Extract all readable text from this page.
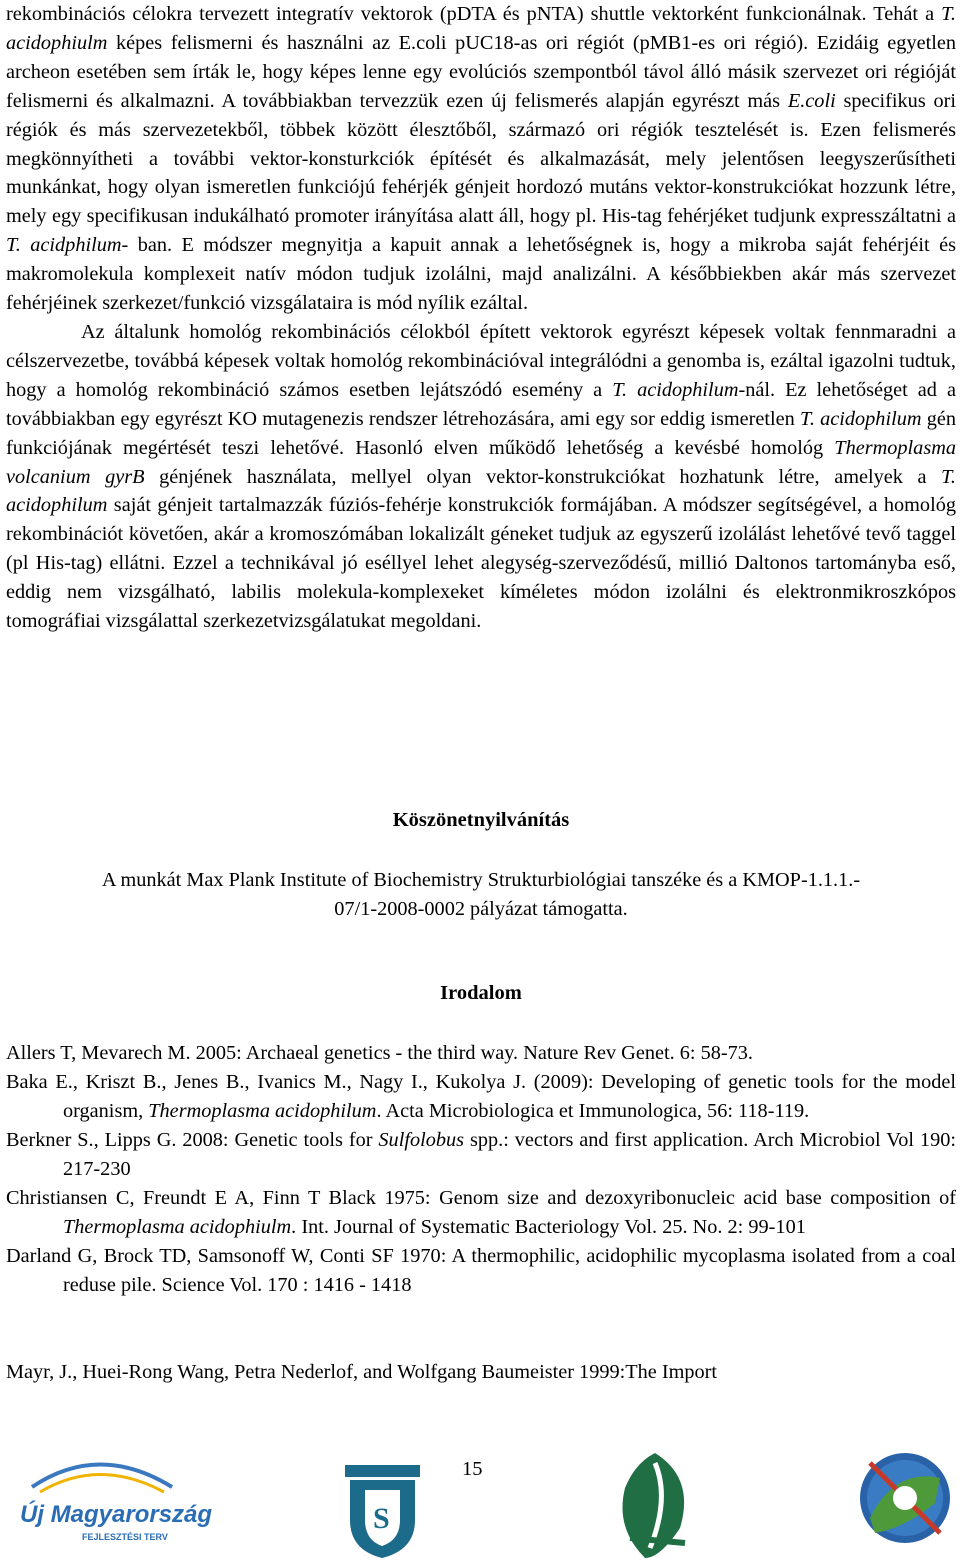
rekombinációs célokra tervezett integratív vektorok (pDTA és pNTA) shuttle vektorként funkcionálnak. Tehát a T. acidophiulm képes felismerni és használni az E.coli pUC18-as ori régiót (pMB1-es ori régió). Ezidáig egyetlen archeon esetében sem írták le, hogy képes lenne egy evolúciós szempontból távol álló másik szervezet ori régióját felismerni és alkalmazni. A továbbiakban tervezzük ezen új felismerés alapján egyrészt más E.coli specifikus ori régiók és más szervezetekből, többek között élesztőből, származó ori régiók tesztelését is. Ezen felismerés megkönnyítheti a további vektor-konsturkciók építését és alkalmazását, mely jelentősen leegyszerűsítheti munkánkat, hogy olyan ismeretlen funkciójú fehérjék génjeit hordozó mutáns vektor-konstrukciókat hozzunk létre, mely egy specifikusan indukálható promoter irányítása alatt áll, hogy pl. His-tag fehérjéket tudjunk expresszáltatni a T. acidphilum- ban. E módszer megnyitja a kapuit annak a lehetőségnek is, hogy a mikroba saját fehérjéit és makromolekula komplexeit natív módon tudjuk izolálni, majd analizálni. A későbbiekben akár más szervezet fehérjéinek szerkezet/funkció vizsgálataira is mód nyílik ezáltal.

Az általunk homológ rekombinációs célokból épített vektorok egyrészt képesek voltak fennmaradni a célszervezetbe, továbbá képesek voltak homológ rekombinációval integrálódni a genomba is, ezáltal igazolni tudtuk, hogy a homológ rekombináció számos esetben lejátszódó esemény a T. acidophilum-nál. Ez lehetőséget ad a továbbiakban egy egyrészt KO mutagenezis rendszer létrehozására, ami egy sor eddig ismeretlen T. acidophilum gén funkciójának megértését teszi lehetővé. Hasonló elven működő lehetőség a kevésbé homológ Thermoplasma volcanium gyrB génjének használata, mellyel olyan vektor-konstrukciókat hozhatunk létre, amelyek a T. acidophilum saját génjeit tartalmazzák fúziós-fehérje konstrukciók formájában. A módszer segítségével, a homológ rekombinációt követően, akár a kromoszómában lokalizált géneket tudjuk az egyszerű izolálást lehetővé tevő taggel (pl His-tag) ellátni. Ezzel a technikával jó eséllyel lehet alegység-szerveződésű, millió Daltonos tartományba eső, eddig nem vizsgálható, labilis molekula-komplexeket kíméletes módon izolálni és elektronmikroszkópos tomográfiai vizsgálattal szerkezetvizsgálatukat megoldani.

Köszönetnyilvánítás
A munkát Max Plank Institute of Biochemistry Strukturbiológiai tanszéke és a KMOP-1.1.1.-
07/1-2008-0002 pályázat támogatta.
Irodalom

Allers T, Mevarech M. 2005: Archaeal genetics - the third way. Nature Rev Genet. 6: 58-73.

Baka E., Kriszt B., Jenes B., Ivanics M., Nagy I., Kukolya J. (2009): Developing of genetic tools for the model organism, Thermoplasma acidophilum. Acta Microbiologica et Immunologica, 56: 118-119.

Berkner S., Lipps G. 2008: Genetic tools for Sulfolobus spp.: vectors and first application. Arch Microbiol Vol 190: 217-230

Christiansen C, Freundt E A, Finn T Black 1975: Genom size and dezoxyribonucleic acid base composition of Thermoplasma acidophiulm. Int. Journal of Systematic Bacteriology Vol. 25. No. 2: 99-101

Darland G, Brock TD, Samsonoff W, Conti SF 1970: A thermophilic, acidophilic mycoplasma isolated from a coal reduse pile. Science Vol. 170 : 1416 - 1418

Mayr, J., Huei-Rong Wang, Petra Nederlof, and Wolfgang Baumeister 1999:The Import

Új Magyarország
FEJLESZTÉSI TERV
15
S
